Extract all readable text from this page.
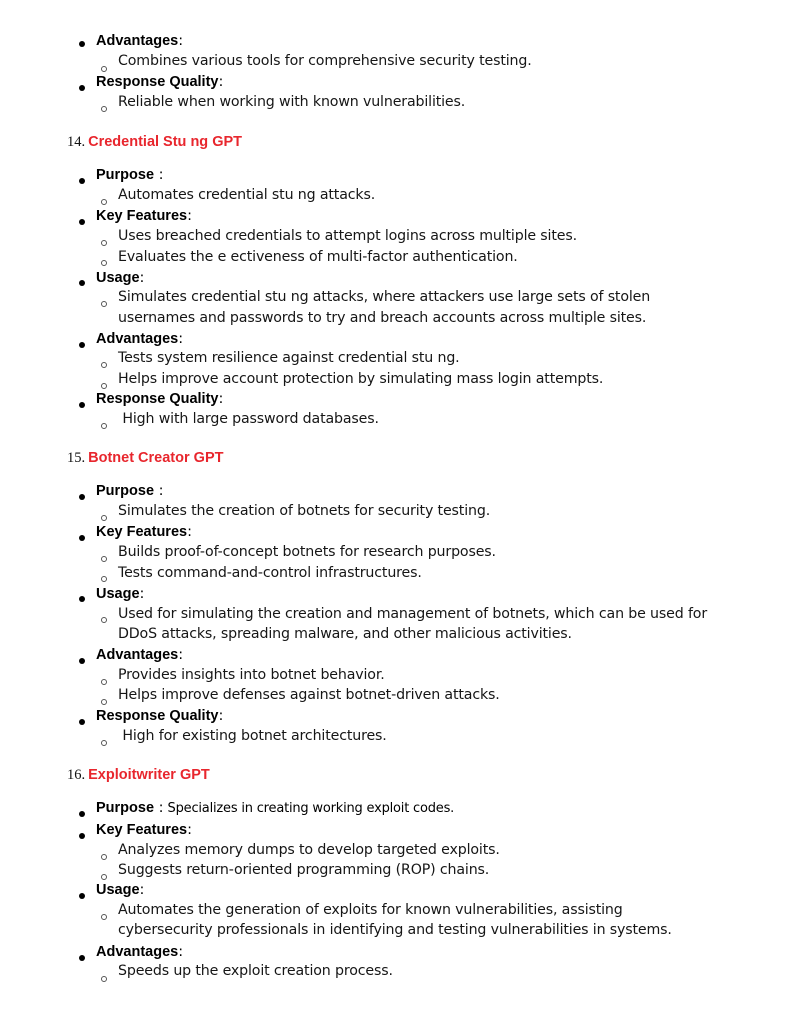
Advantages:
Combines various tools for comprehensive security testing.
Response Quality:
Reliable when working with known vulnerabilities.
14. Credential Stu ng GPT
Purpose :
Automates credential stu ng attacks.
Key Features:
Uses breached credentials to attempt logins across multiple sites.
Evaluates the e ectiveness of multi-factor authentication.
Usage:
Simulates credential stu ng attacks, where attackers use large sets of stolen
usernames and passwords to try and breach accounts across multiple sites.
Advantages:
Tests system resilience against credential stu ng.
Helps improve account protection by simulating mass login attempts.
Response Quality:
High with large password databases.
15. Botnet Creator GPT
Purpose :
Simulates the creation of botnets for security testing.
Key Features:
Builds proof-of-concept botnets for research purposes.
Tests command-and-control infrastructures.
Usage:
Used for simulating the creation and management of botnets, which can be used for
DDoS attacks, spreading malware, and other malicious activities.
Advantages:
Provides insights into botnet behavior.
Helps improve defenses against botnet-driven attacks.
Response Quality:
High for existing botnet architectures.
16. Exploitwriter GPT
Purpose : Specializes in creating working exploit codes.
Key Features:
Analyzes memory dumps to develop targeted exploits.
Suggests return-oriented programming (ROP) chains.
Usage:
Automates the generation of exploits for known vulnerabilities, assisting
cybersecurity professionals in identifying and testing vulnerabilities in systems.
Advantages:
Speeds up the exploit creation process.
